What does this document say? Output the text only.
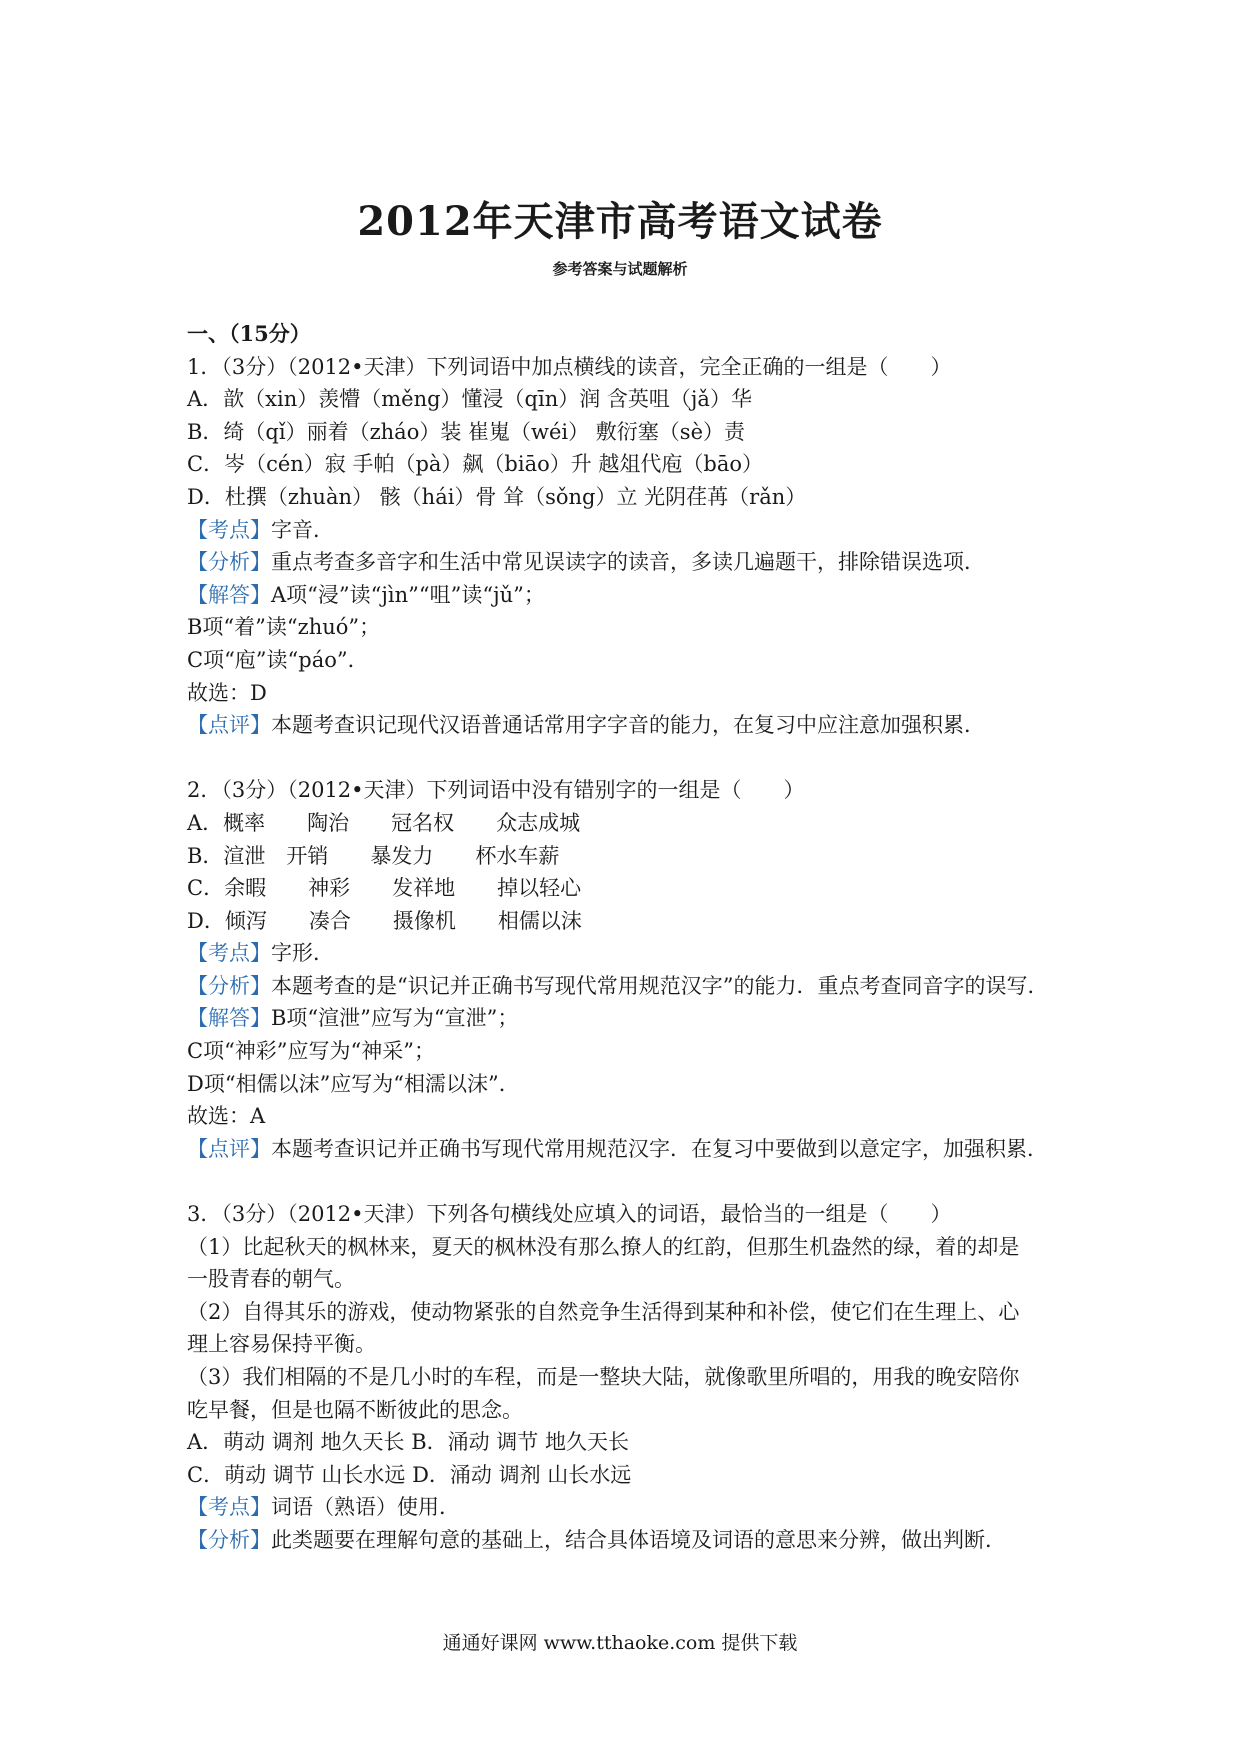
2012年天津市高考语文试卷
参考答案与试题解析
一、（15分）
1．（3分）（2012•天津）下列词语中加点横线的读音，完全正确的一组是（　　）
A．歆（xin）羡懵（měng）懂浸（qīn）润 含英咀（jǎ）华
B．绮（qǐ）丽着（zháo）装 崔嵬（wéi） 敷衍塞（sè）责
C．岑（cén）寂 手帕（pà）飙（biāo）升 越俎代庖（bāo）
D．杜撰（zhuàn） 骸（hái）骨 耸（sǒng）立 光阴荏苒（rǎn）
【考点】字音．
【分析】重点考查多音字和生活中常见误读字的读音，多读几遍题干，排除错误选项．
【解答】A项“浸”读“jìn”“咀”读“jǔ”；
B项“着”读“zhuó”；
C项“庖”读“páo”．
故选：D
【点评】本题考查识记现代汉语普通话常用字字音的能力，在复习中应注意加强积累．
2．（3分）（2012•天津）下列词语中没有错别字的一组是（　　）
A．概率　　陶治　　冠名权　　众志成城
B．渲泄　开销　　暴发力　　杯水车薪
C．余暇　　神彩　　发祥地　　掉以轻心
D．倾泻　　凑合　　摄像机　　相儒以沫
【考点】字形．
【分析】本题考查的是“识记并正确书写现代常用规范汉字”的能力．重点考查同音字的误写．
【解答】B项“渲泄”应写为“宣泄”；
C项“神彩”应写为“神采”；
D项“相儒以沫”应写为“相濡以沫”．
故选：A
【点评】本题考查识记并正确书写现代常用规范汉字．在复习中要做到以意定字，加强积累．
3．（3分）（2012•天津）下列各句横线处应填入的词语，最恰当的一组是（　　）
（1）比起秋天的枫林来，夏天的枫林没有那么撩人的红韵，但那生机盎然的绿，着的却是
一股青春的朝气。
（2）自得其乐的游戏，使动物紧张的自然竞争生活得到某种和补偿，使它们在生理上、心
理上容易保持平衡。
（3）我们相隔的不是几小时的车程，而是一整块大陆，就像歌里所唱的，用我的晚安陪你
吃早餐，但是也隔不断彼此的思念。
A．萌动 调剂 地久天长 B．涌动 调节 地久天长
C．萌动 调节 山长水远 D．涌动 调剂 山长水远
【考点】词语（熟语）使用．
【分析】此类题要在理解句意的基础上，结合具体语境及词语的意思来分辨，做出判断．
通通好课网 www.tthaoke.com 提供下载
